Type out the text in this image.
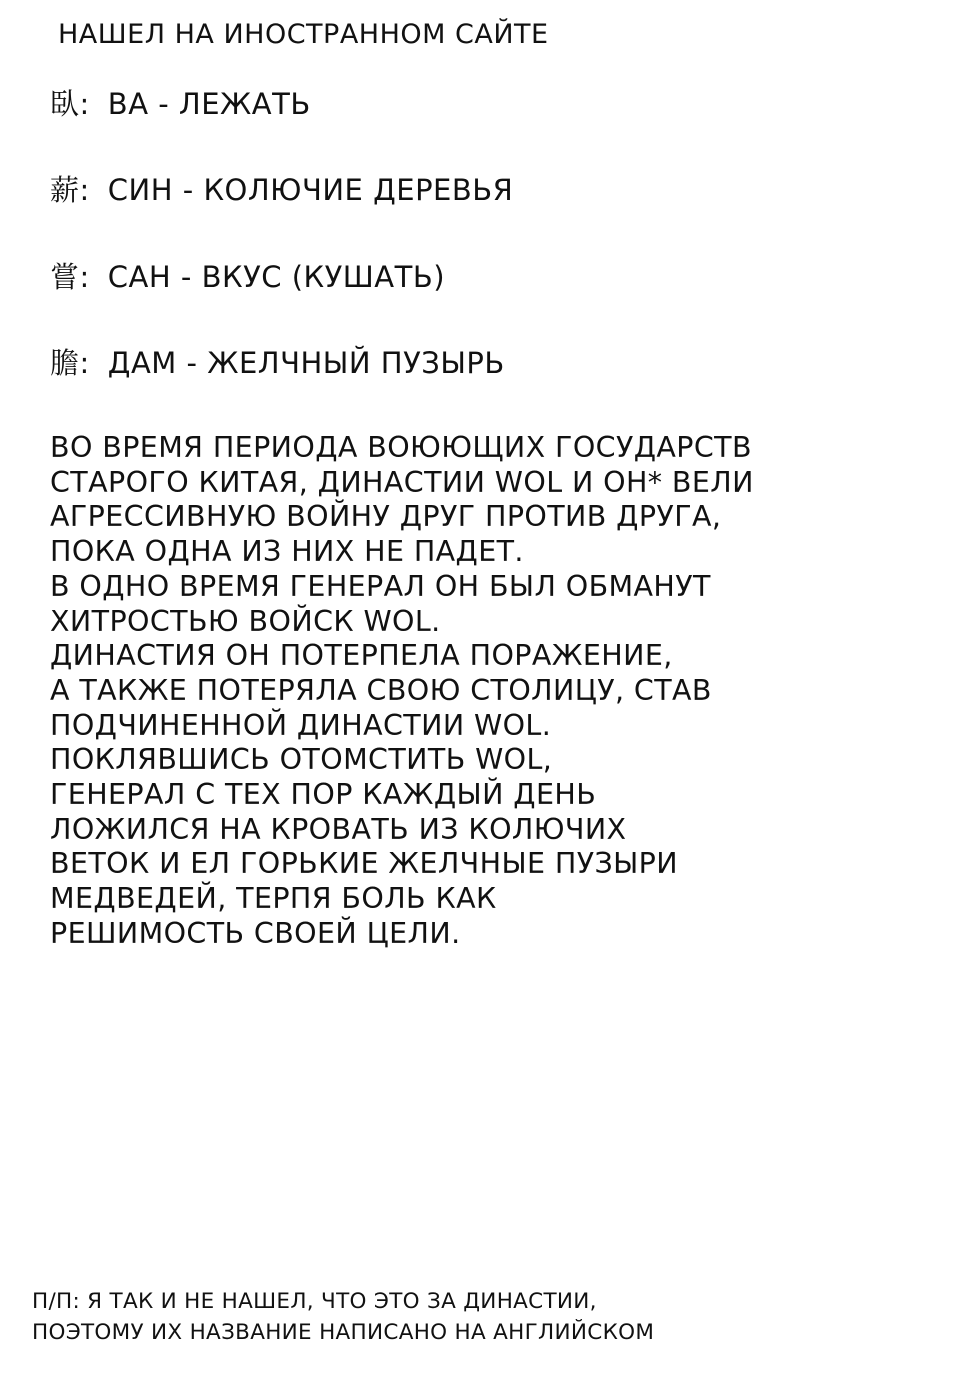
НАШЕЛ НА ИНОСТРАННОМ САЙТЕ
臥: ВА - ЛЕЖАТЬ
薪: СИН - КОЛЮЧИЕ ДЕРЕВЬЯ
嘗: САН - ВКУС (КУШАТЬ)
膽: ДАМ - ЖЕЛЧНЫЙ ПУЗЫРЬ
ВО ВРЕМЯ ПЕРИОДА ВОЮЮЩИХ ГОСУДАРСТВ
СТАРОГО КИТАЯ, ДИНАСТИИ WOL И ОН* ВЕЛИ
АГРЕССИВНУЮ ВОЙНУ ДРУГ ПРОТИВ ДРУГА,
ПОКА ОДНА ИЗ НИХ НЕ ПАДЕТ.
В ОДНО ВРЕМЯ ГЕНЕРАЛ ОН БЫЛ ОБМАНУТ
ХИТРОСТЬЮ ВОЙСК WOL.
ДИНАСТИЯ ОН ПОТЕРПЕЛА ПОРАЖЕНИЕ,
А ТАКЖЕ ПОТЕРЯЛА СВОЮ СТОЛИЦУ, СТАВ
ПОДЧИНЕННОЙ ДИНАСТИИ WOL.
ПОКЛЯВШИСЬ ОТОМСТИТЬ WOL,
ГЕНЕРАЛ С ТЕХ ПОР КАЖДЫЙ ДЕНЬ
ЛОЖИЛСЯ НА КРОВАТЬ ИЗ КОЛЮЧИХ
ВЕТОК И ЕЛ ГОРЬКИЕ ЖЕЛЧНЫЕ ПУЗЫРИ
МЕДВЕДЕЙ, ТЕРПЯ БОЛЬ КАК
РЕШИМОСТЬ СВОЕЙ ЦЕЛИ.
П/П: Я ТАК И НЕ НАШЕЛ, ЧТО ЭТО ЗА ДИНАСТИИ,
ПОЭТОМУ ИХ НАЗВАНИЕ НАПИСАНО НА АНГЛИЙСКОМ
